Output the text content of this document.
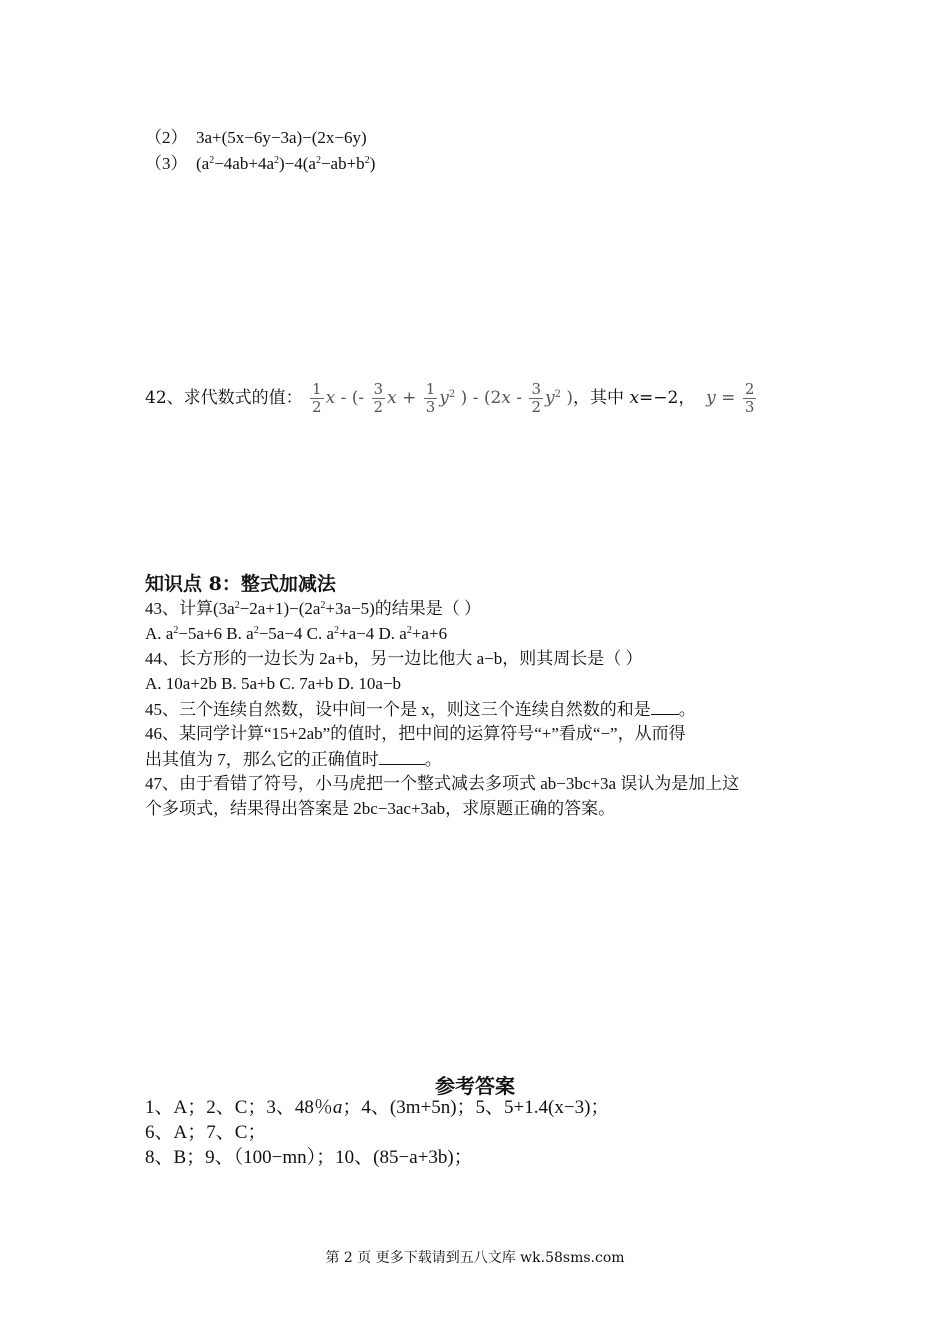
（2） 3a+(5x−6y−3a)−(2x−6y)
（3） $(a^2-4ab+4a^2)-4(a^2-ab+b^2)$
42、求代数式的值： $\frac{1}{2}$ x - (- $\frac{3}{2}$ $x + \frac{1}{3} y^2$ ) - ($2x - \frac{3}{2} y^2$ )，其中 x=−2， $y = \frac{2}{3}$
知识点 8：整式加减法
43、计算$(3a^2-2a+1)-(2a^2+3a-5)$的结果是（ ）
A. $a^2-5a+6$ B. $a^2-5a-4$ C. $a^2+a-4$ D. $a^2+a+6$
44、长方形的一边长为 2a+b，另一边比他大 a−b，则其周长是（ ）
A. 10a+2b B. 5a+b C. 7a+b D. 10a−b
45、三个连续自然数，设中间一个是 x，则这三个连续自然数的和是 。
46、某同学计算“15+2ab”的值时，把中间的运算符号“+”看成“−”，从而得
出其值为 7，那么它的正确值时	。
47、由于看错了符号，小马虎把一个整式减去多项式 ab−3bc+3a 误认为是加上这
个多项式，结果得出答案是 2bc−3ac+3ab，求原题正确的答案。
参考答案
1、A；2、C；3、48％a；4、(3m+5n)；5、5+1.4(x−3)；
6、A；7、C；
8、B；9、（100−mn）；10、(85−a+3b)；
第 2 页 更多下载请到五八文库 wk.58sms.com
